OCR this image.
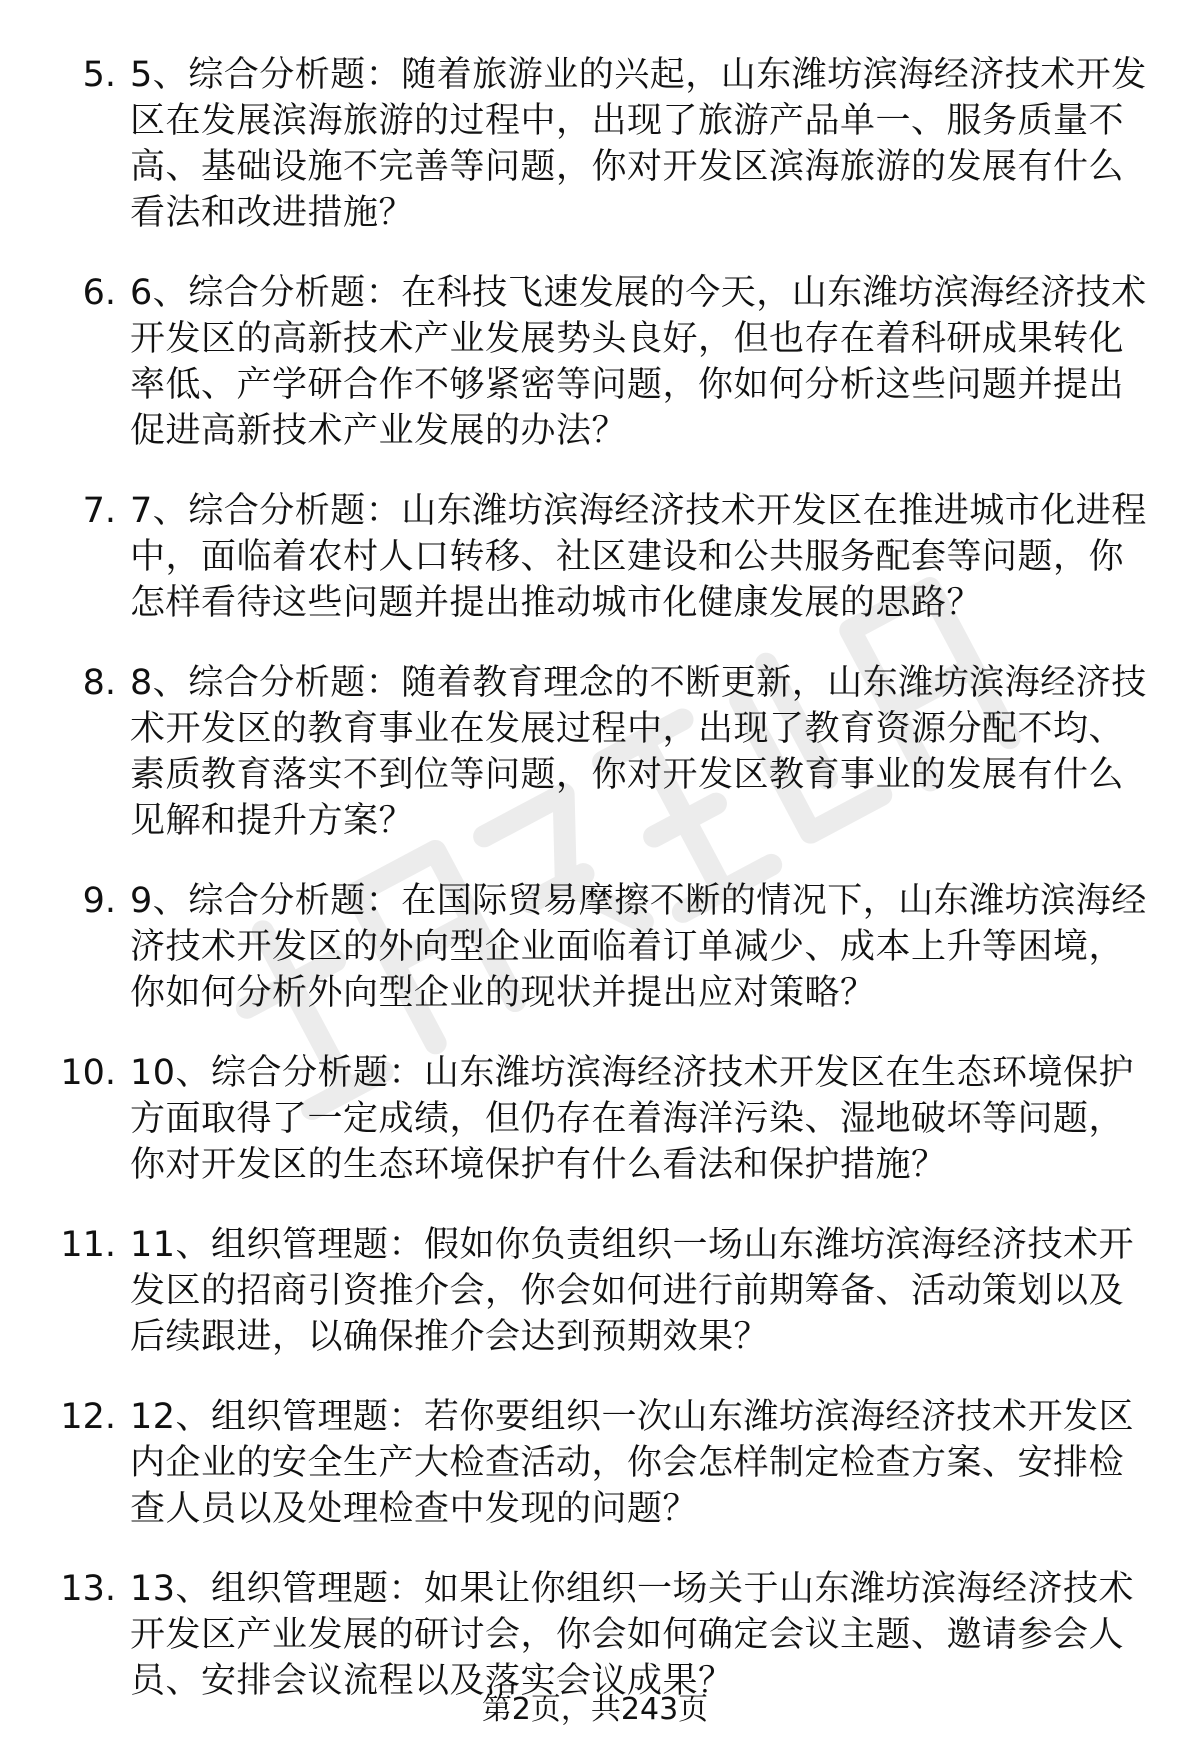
5. 5、综合分析题：随着旅游业的兴起，山东潍坊滨海经济技术开发区在发展滨海旅游的过程中，出现了旅游产品单一、服务质量不高、基础设施不完善等问题，你对开发区滨海旅游的发展有什么看法和改进措施？
6. 6、综合分析题：在科技飞速发展的今天，山东潍坊滨海经济技术开发区的高新技术产业发展势头良好，但也存在着科研成果转化率低、产学研合作不够紧密等问题，你如何分析这些问题并提出促进高新技术产业发展的办法？
7. 7、综合分析题：山东潍坊滨海经济技术开发区在推进城市化进程中，面临着农村人口转移、社区建设和公共服务配套等问题，你怎样看待这些问题并提出推动城市化健康发展的思路？
8. 8、综合分析题：随着教育理念的不断更新，山东潍坊滨海经济技术开发区的教育事业在发展过程中，出现了教育资源分配不均、素质教育落实不到位等问题，你对开发区教育事业的发展有什么见解和提升方案？
9. 9、综合分析题：在国际贸易摩擦不断的情况下，山东潍坊滨海经济技术开发区的外向型企业面临着订单减少、成本上升等困境，你如何分析外向型企业的现状并提出应对策略？
10. 10、综合分析题：山东潍坊滨海经济技术开发区在生态环境保护方面取得了一定成绩，但仍存在着海洋污染、湿地破坏等问题，你对开发区的生态环境保护有什么看法和保护措施？
11. 11、组织管理题：假如你负责组织一场山东潍坊滨海经济技术开发区的招商引资推介会，你会如何进行前期筹备、活动策划以及后续跟进，以确保推介会达到预期效果？
12. 12、组织管理题：若你要组织一次山东潍坊滨海经济技术开发区内企业的安全生产大检查活动，你会怎样制定检查方案、安排检查人员以及处理检查中发现的问题？
13. 13、组织管理题：如果让你组织一场关于山东潍坊滨海经济技术开发区产业发展的研讨会，你会如何确定会议主题、邀请参会人员、安排会议流程以及落实会议成果？
第2页，共243页
